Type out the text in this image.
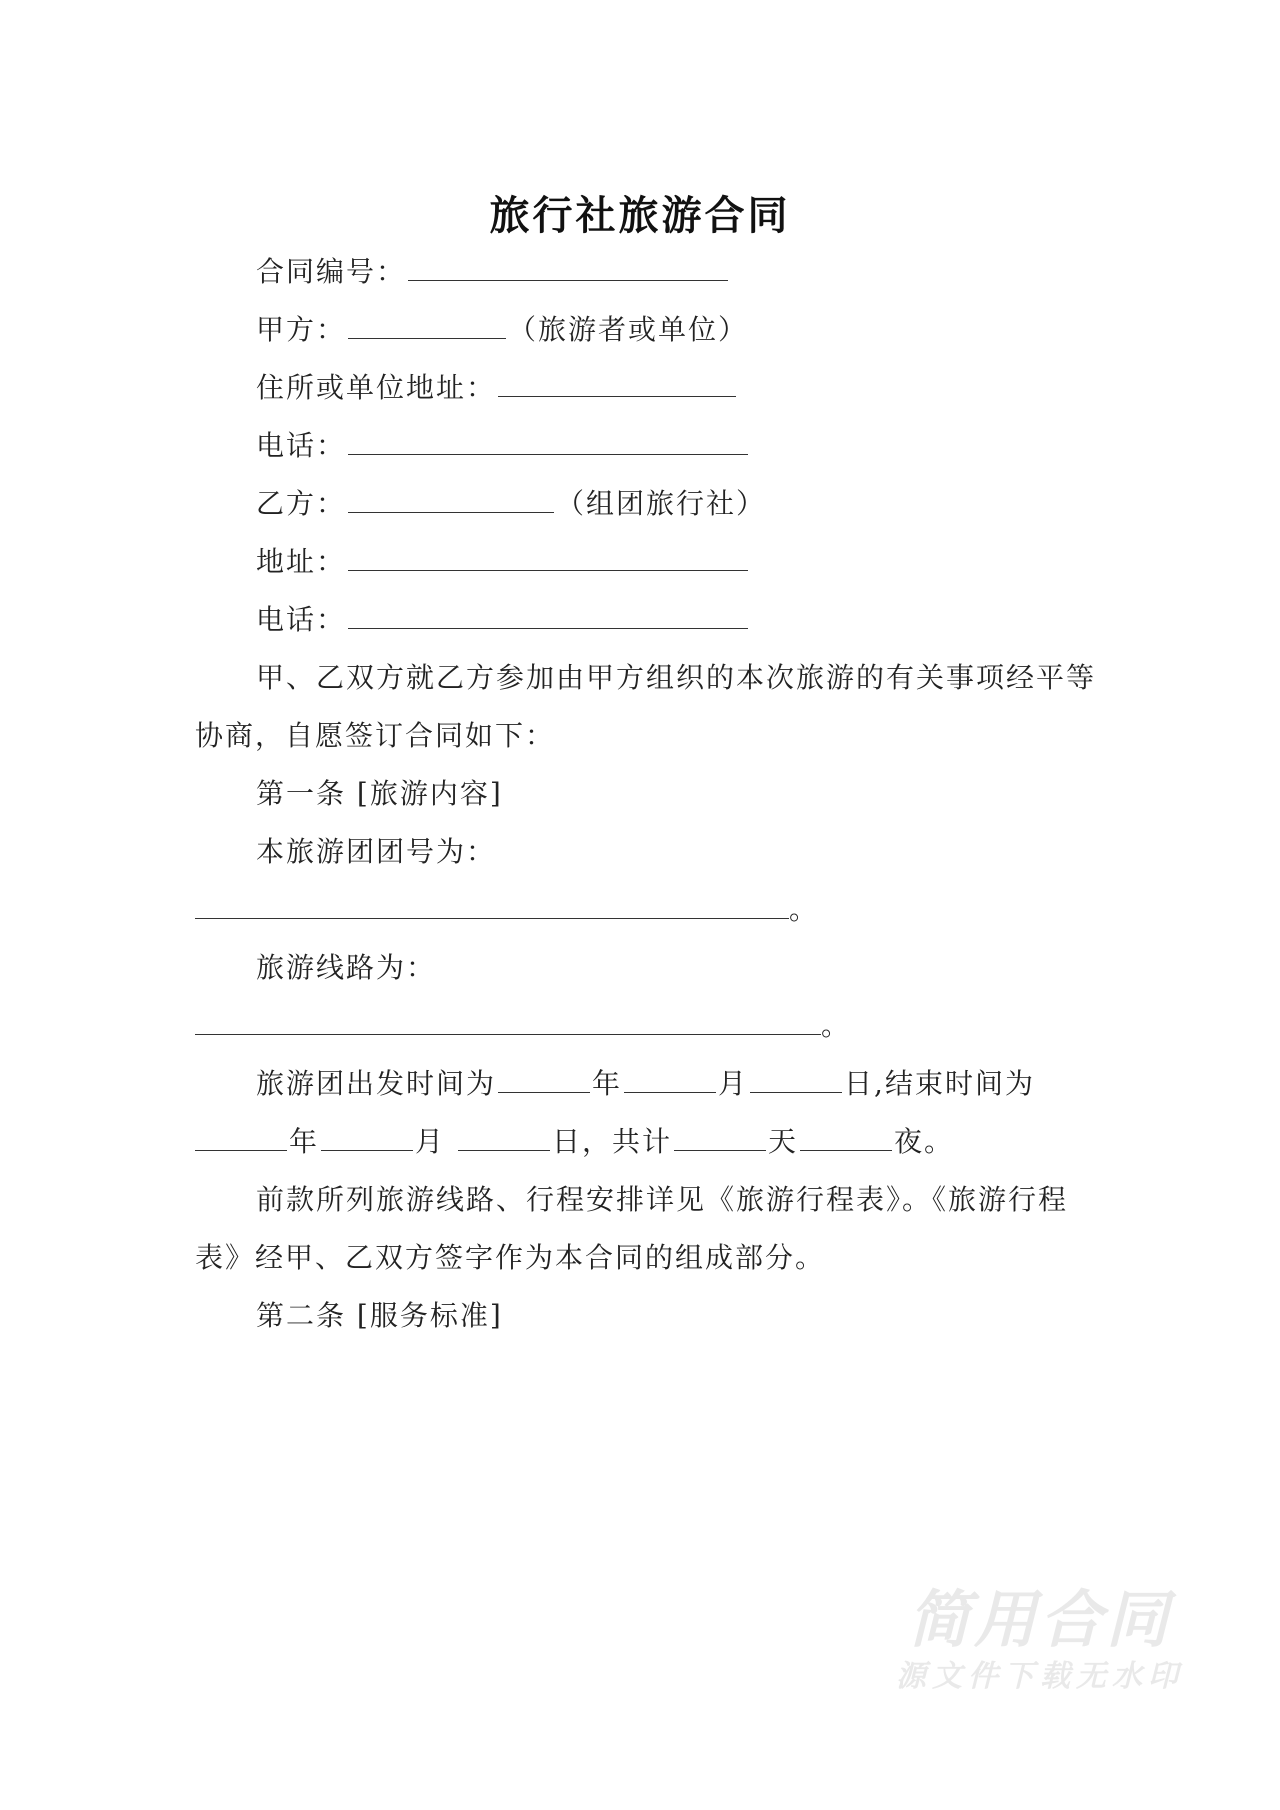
旅行社旅游合同
合同编号：
甲方：	（旅游者或单位）
住所或单位地址：
电话：
乙方：	（组团旅行社）
地址：
电话：
甲、乙双方就乙方参加由甲方组织的本次旅游的有关事项经平等
协商，自愿签订合同如下：
第一条 [旅游内容]
本旅游团团号为：
。
旅游线路为：
。
旅游团出发时间为	年	月	日,结束时间为
年	月	日，共计	天	夜。
前款所列旅游线路、行程安排详见《旅游行程表》。《旅游行程
表》经甲、乙双方签字作为本合同的组成部分。
第二条 [服务标准]
简用合同
源文件下载无水印
